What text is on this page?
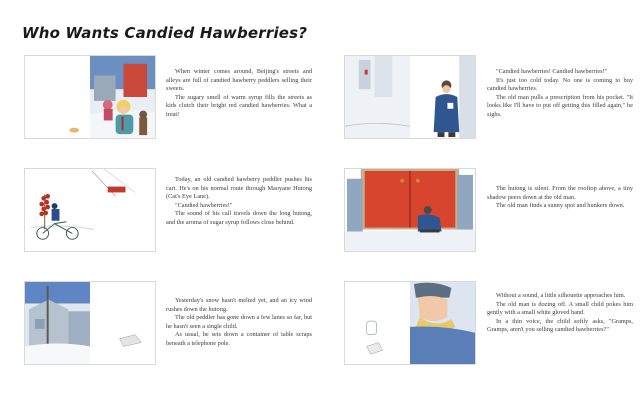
Who Wants Candied Hawberries?

When winter comes around, Beijing's streets and alleys are full of candied hawberry peddlers selling their sweets.

The sugary smell of warm syrup fills the streets as kids clutch their bright red candied hawberries. What a treat!

Today, an old candied hawberry peddler pushes his cart. He's on his normal route through Maoyane Hutong (Cat's Eye Lane).

"Candied hawberries!"

The sound of his call travels down the long hutong, and the aroma of sugar syrup follows close behind.

Yesterday's snow hasn't melted yet, and an icy wind rushes down the hutong.

The old peddler has gone down a few lanes so far, but he hasn't seen a single child.

As usual, he sets down a container of table scraps beneath a telephone pole.

"Candied hawberries! Candied hawberries!"

It's just too cold today. No one is coming to buy candied hawberries.

The old man pulls a prescription from his pocket. "It looks like I'll have to put off getting this filled again," he sighs.

The hutong is silent. From the rooftop above, a tiny shadow peers down at the old man.

The old man finds a sunny spot and hunkers down.

Without a sound, a little silhouette approaches him.

The old man is dozing off. A small child pokes him gently with a small white gloved hand.

In a thin voice, the child softly asks, "Gramps, Gramps, aren't you selling candied hawberries?"
